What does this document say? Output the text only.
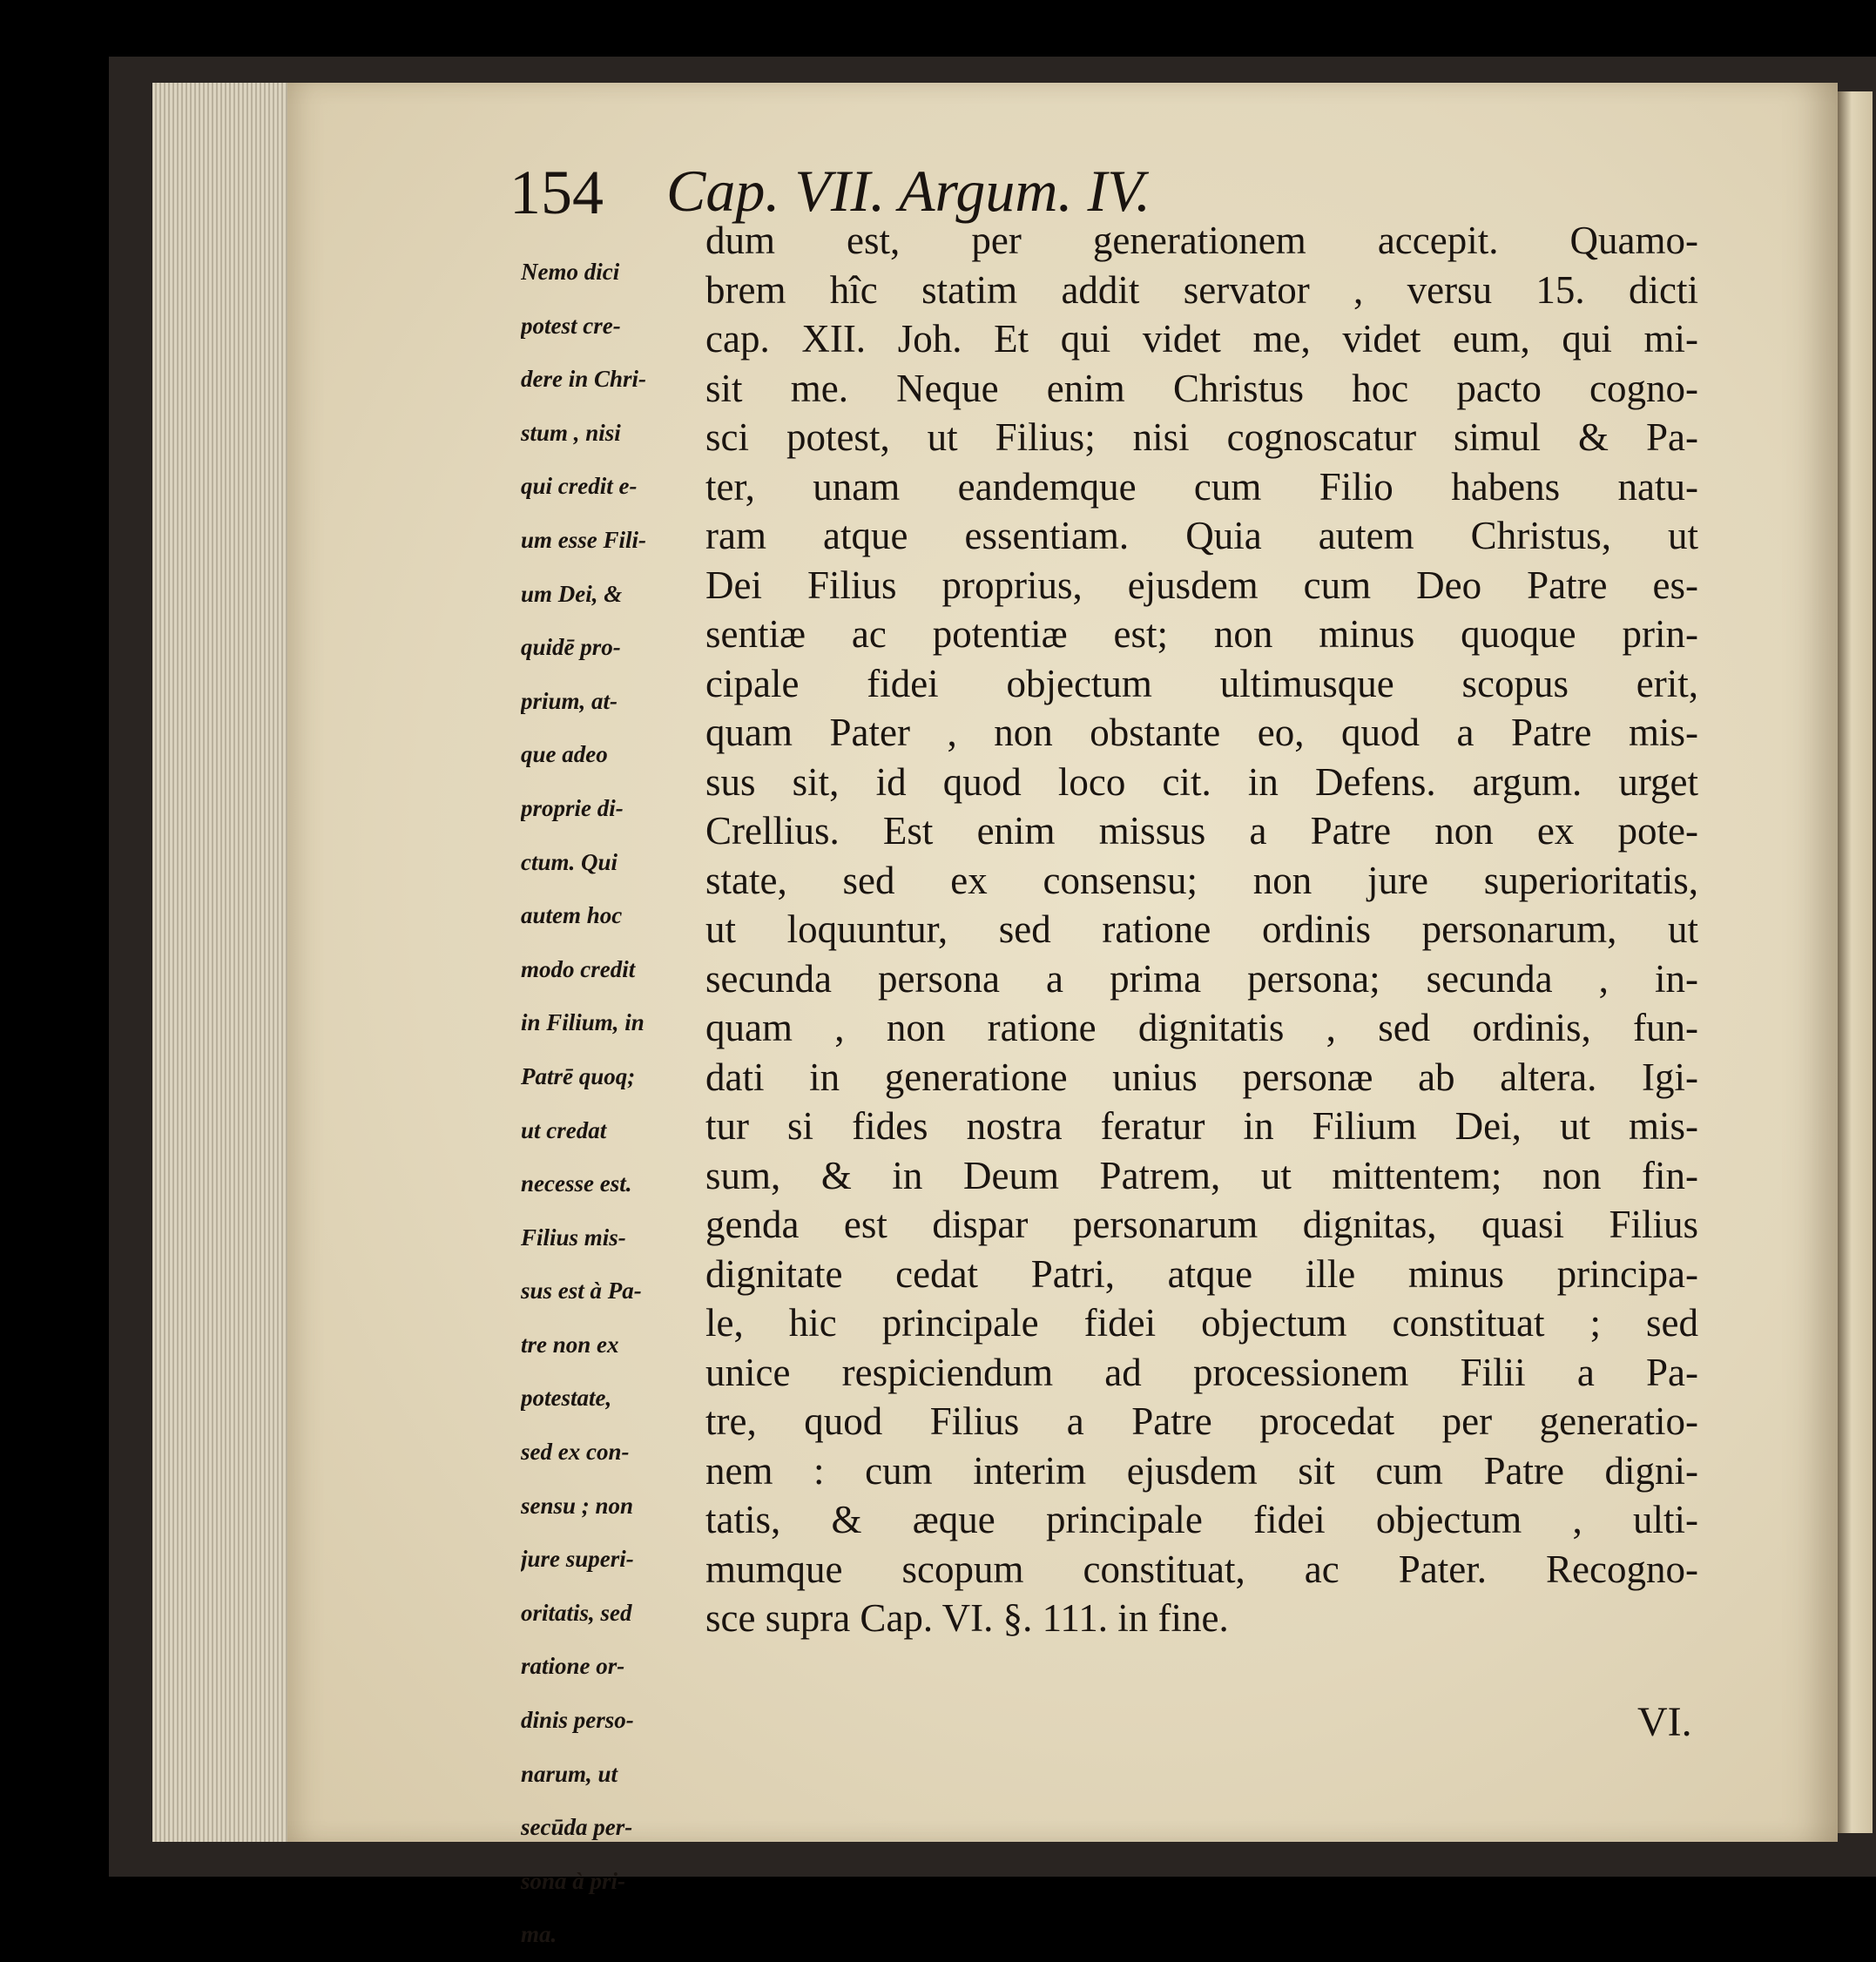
154 Cap. VII. Argum. IV.
Nemo dici
potest cre-
dere in Chri-
stum , nisi
qui credit e-
um esse Fili-
um Dei, &
quidē pro-
prium, at-
que adeo
proprie di-
ctum. Qui
autem hoc
modo credit
in Filium, in
Patrē quoq;
ut credat
necesse est.
Filius mis-
sus est à Pa-
tre non ex
potestate,
sed ex con-
sensu ; non
jure superi-
oritatis, sed
ratione or-
dinis perso-
narum, ut
secūda per-
sona à pri-
ma.
dum est, per generationem accepit. Quamo-
brem hîc statim addit servator , versu 15. dicti
cap. XII. Joh. Et qui videt me, videt eum, qui mi-
sit me. Neque enim Christus hoc pacto cogno-
sci potest, ut Filius; nisi cognoscatur simul & Pa-
ter, unam eandemque cum Filio habens natu-
ram atque essentiam. Quia autem Christus, ut
Dei Filius proprius, ejusdem cum Deo Patre es-
sentiæ ac potentiæ est; non minus quoque prin-
cipale fidei objectum ultimusque scopus erit,
quam Pater , non obstante eo, quod a Patre mis-
sus sit, id quod loco cit. in Defens. argum. urget
Crellius. Est enim missus a Patre non ex pote-
state, sed ex consensu; non jure superioritatis,
ut loquuntur, sed ratione ordinis personarum, ut
secunda persona a prima persona; secunda , in-
quam , non ratione dignitatis , sed ordinis, fun-
dati in generatione unius personæ ab altera. Igi-
tur si fides nostra feratur in Filium Dei, ut mis-
sum, & in Deum Patrem, ut mittentem; non fin-
genda est dispar personarum dignitas, quasi Filius
dignitate cedat Patri, atque ille minus principa-
le, hic principale fidei objectum constituat ; sed
unice respiciendum ad processionem Filii a Pa-
tre, quod Filius a Patre procedat per generatio-
nem : cum interim ejusdem sit cum Patre digni-
tatis, & æque principale fidei objectum , ulti-
mumque scopum constituat, ac Pater. Recogno-
sce supra Cap. VI. §. 111. in fine.
VI.
